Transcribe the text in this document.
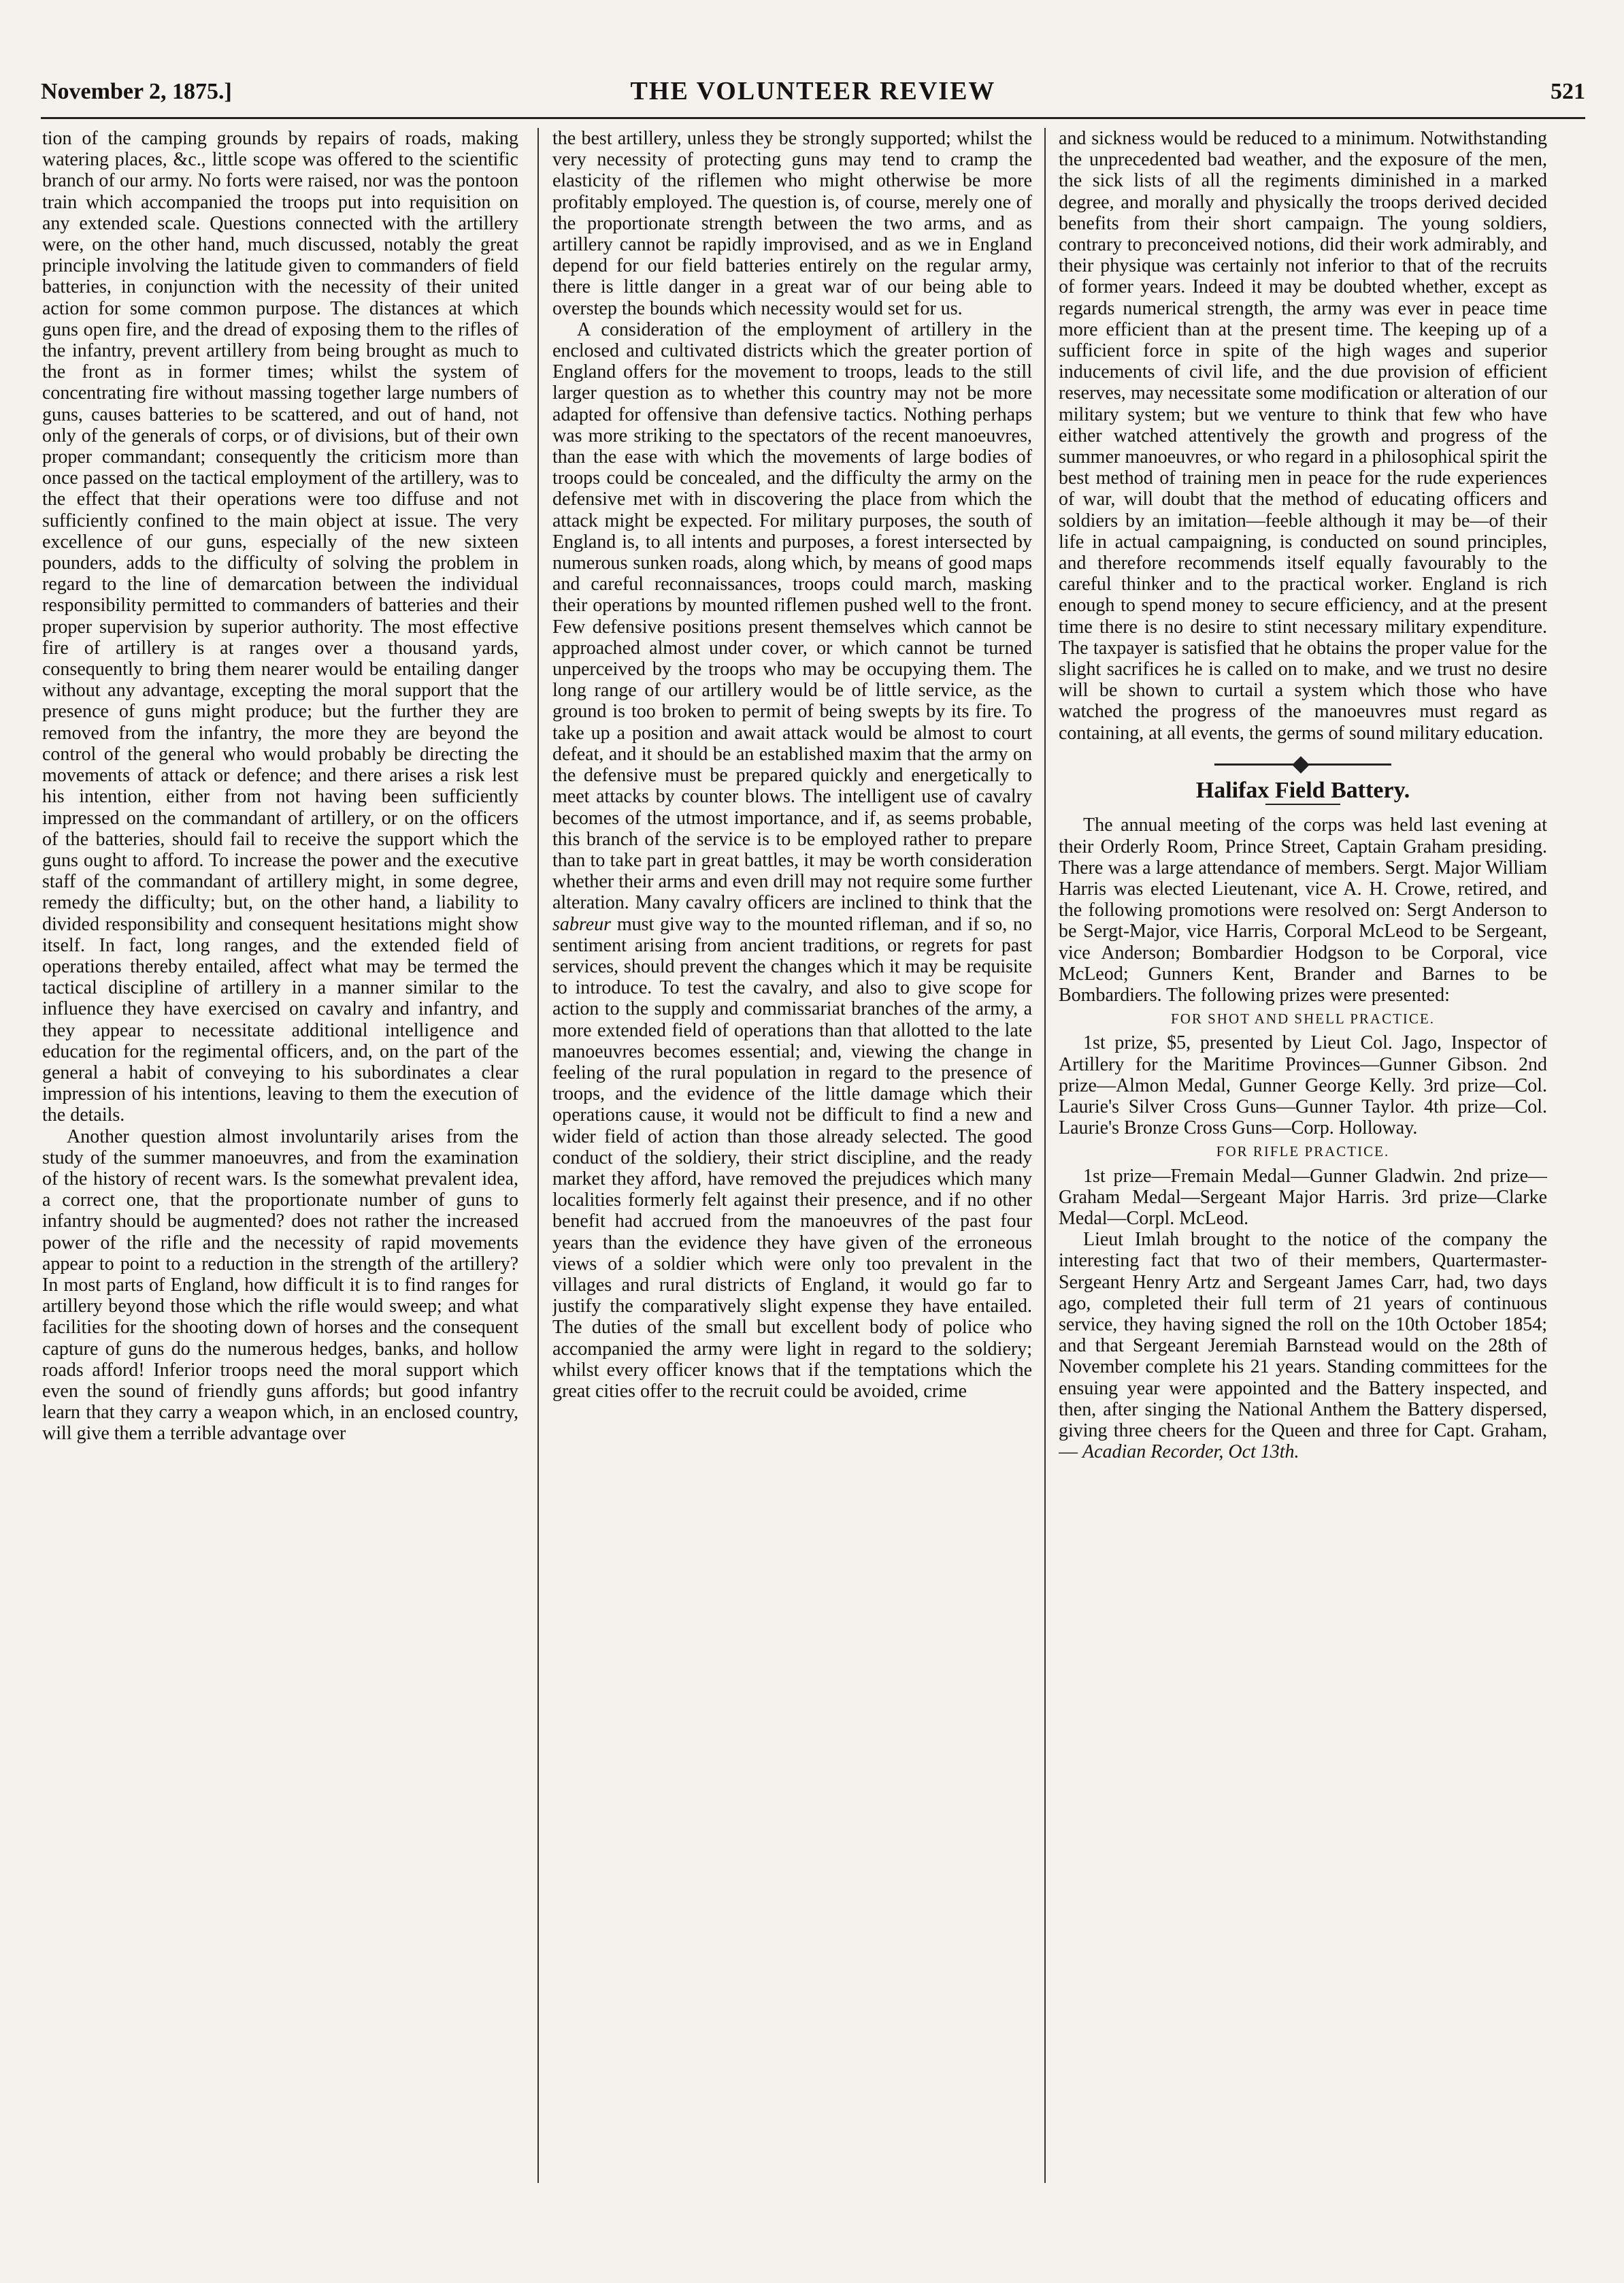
November 2, 1875.]	THE VOLUNTEER REVIEW	521

tion of the camping grounds by repairs of roads, making watering places, &c., little scope was offered to the scientific branch of our army. No forts were raised, nor was the pontoon train which accompanied the troops put into requisition on any extended scale. Questions connected with the artillery were, on the other hand, much discussed, notably the great principle involving the latitude given to commanders of field batteries, in conjunction with the necessity of their united action for some common purpose. The distances at which guns open fire, and the dread of exposing them to the rifles of the infantry, prevent artillery from being brought as much to the front as in former times; whilst the system of concentrating fire without massing together large numbers of guns, causes batteries to be scattered, and out of hand, not only of the generals of corps, or of divisions, but of their own proper commandant; consequently the criticism more than once passed on the tactical employment of the artillery, was to the effect that their operations were too diffuse and not sufficiently confined to the main object at issue. The very excellence of our guns, especially of the new sixteen pounders, adds to the difficulty of solving the problem in regard to the line of demarcation between the individual responsibility permitted to commanders of batteries and their proper supervision by superior authority. The most effective fire of artillery is at ranges over a thousand yards, consequently to bring them nearer would be entailing danger without any advantage, excepting the moral support that the presence of guns might produce; but the further they are removed from the infantry, the more they are beyond the control of the general who would probably be directing the movements of attack or defence; and there arises a risk lest his intention, either from not having been sufficiently impressed on the commandant of artillery, or on the officers of the batteries, should fail to receive the support which the guns ought to afford. To increase the power and the executive staff of the commandant of artillery might, in some degree, remedy the difficulty; but, on the other hand, a liability to divided responsibility and consequent hesitations might show itself. In fact, long ranges, and the extended field of operations thereby entailed, affect what may be termed the tactical discipline of artillery in a manner similar to the influence they have exercised on cavalry and infantry, and they appear to necessitate additional intelligence and education for the regimental officers, and, on the part of the general a habit of conveying to his subordinates a clear impression of his intentions, leaving to them the execution of the details.

Another question almost involuntarily arises from the study of the summer manoeuvres, and from the examination of the history of recent wars. Is the somewhat prevalent idea, a correct one, that the proportionate number of guns to infantry should be augmented? does not rather the increased power of the rifle and the necessity of rapid movements appear to point to a reduction in the strength of the artillery? In most parts of England, how difficult it is to find ranges for artillery beyond those which the rifle would sweep; and what facilities for the shooting down of horses and the consequent capture of guns do the numerous hedges, banks, and hollow roads afford! Inferior troops need the moral support which even the sound of friendly guns affords; but good infantry learn that they carry a weapon which, in an enclosed country, will give them a terrible advantage over

the best artillery, unless they be strongly supported; whilst the very necessity of protecting guns may tend to cramp the elasticity of the riflemen who might otherwise be more profitably employed. The question is, of course, merely one of the proportionate strength between the two arms, and as artillery cannot be rapidly improvised, and as we in England depend for our field batteries entirely on the regular army, there is little danger in a great war of our being able to overstep the bounds which necessity would set for us.

A consideration of the employment of artillery in the enclosed and cultivated districts which the greater portion of England offers for the movement to troops, leads to the still larger question as to whether this country may not be more adapted for offensive than defensive tactics. Nothing perhaps was more striking to the spectators of the recent manoeuvres, than the ease with which the movements of large bodies of troops could be concealed, and the difficulty the army on the defensive met with in discovering the place from which the attack might be expected. For military purposes, the south of England is, to all intents and purposes, a forest intersected by numerous sunken roads, along which, by means of good maps and careful reconnaissances, troops could march, masking their operations by mounted riflemen pushed well to the front. Few defensive positions present themselves which cannot be approached almost under cover, or which cannot be turned unperceived by the troops who may be occupying them. The long range of our artillery would be of little service, as the ground is too broken to permit of being swepts by its fire. To take up a position and await attack would be almost to court defeat, and it should be an established maxim that the army on the defensive must be prepared quickly and energetically to meet attacks by counter blows. The intelligent use of cavalry becomes of the utmost importance, and if, as seems probable, this branch of the service is to be employed rather to prepare than to take part in great battles, it may be worth consideration whether their arms and even drill may not require some further alteration. Many cavalry officers are inclined to think that the sabreur must give way to the mounted rifleman, and if so, no sentiment arising from ancient traditions, or regrets for past services, should prevent the changes which it may be requisite to introduce. To test the cavalry, and also to give scope for action to the supply and commissariat branches of the army, a more extended field of operations than that allotted to the late manoeuvres becomes essential; and, viewing the change in feeling of the rural population in regard to the presence of troops, and the evidence of the little damage which their operations cause, it would not be difficult to find a new and wider field of action than those already selected. The good conduct of the soldiery, their strict discipline, and the ready market they afford, have removed the prejudices which many localities formerly felt against their presence, and if no other benefit had accrued from the manoeuvres of the past four years than the evidence they have given of the erroneous views of a soldier which were only too prevalent in the villages and rural districts of England, it would go far to justify the comparatively slight expense they have entailed. The duties of the small but excellent body of police who accompanied the army were light in regard to the soldiery; whilst every officer knows that if the temptations which the great cities offer to the recruit could be avoided, crime

and sickness would be reduced to a minimum. Notwithstanding the unprecedented bad weather, and the exposure of the men, the sick lists of all the regiments diminished in a marked degree, and morally and physically the troops derived decided benefits from their short campaign. The young soldiers, contrary to preconceived notions, did their work admirably, and their physique was certainly not inferior to that of the recruits of former years. Indeed it may be doubted whether, except as regards numerical strength, the army was ever in peace time more efficient than at the present time. The keeping up of a sufficient force in spite of the high wages and superior inducements of civil life, and the due provision of efficient reserves, may necessitate some modification or alteration of our military system; but we venture to think that few who have either watched attentively the growth and progress of the summer manoeuvres, or who regard in a philosophical spirit the best method of training men in peace for the rude experiences of war, will doubt that the method of educating officers and soldiers by an imitation—feeble although it may be—of their life in actual campaigning, is conducted on sound principles, and therefore recommends itself equally favourably to the careful thinker and to the practical worker. England is rich enough to spend money to secure efficiency, and at the present time there is no desire to stint necessary military expenditure. The taxpayer is satisfied that he obtains the proper value for the slight sacrifices he is called on to make, and we trust no desire will be shown to curtail a system which those who have watched the progress of the manoeuvres must regard as containing, at all events, the germs of sound military education.

Halifax Field Battery.

The annual meeting of the corps was held last evening at their Orderly Room, Prince Street, Captain Graham presiding. There was a large attendance of members. Sergt. Major William Harris was elected Lieutenant, vice A. H. Crowe, retired, and the following promotions were resolved on: Sergt Anderson to be Sergt-Major, vice Harris, Corporal McLeod to be Sergeant, vice Anderson; Bombardier Hodgson to be Corporal, vice McLeod; Gunners Kent, Brander and Barnes to be Bombardiers. The following prizes were presented:

FOR SHOT AND SHELL PRACTICE.

1st prize, $5, presented by Lieut Col. Jago, Inspector of Artillery for the Maritime Provinces—Gunner Gibson. 2nd prize—Almon Medal, Gunner George Kelly. 3rd prize—Col. Laurie's Silver Cross Guns—Gunner Taylor. 4th prize—Col. Laurie's Bronze Cross Guns—Corp. Holloway.

FOR RIFLE PRACTICE.

1st prize—Fremain Medal—Gunner Gladwin. 2nd prize—Graham Medal—Sergeant Major Harris. 3rd prize—Clarke Medal—Corpl. McLeod.

Lieut Imlah brought to the notice of the company the interesting fact that two of their members, Quartermaster-Sergeant Henry Artz and Sergeant James Carr, had, two days ago, completed their full term of 21 years of continuous service, they having signed the roll on the 10th October 1854; and that Sergeant Jeremiah Barnstead would on the 28th of November complete his 21 years. Standing committees for the ensuing year were appointed and the Battery inspected, and then, after singing the National Anthem the Battery dispersed, giving three cheers for the Queen and three for Capt. Graham,— Acadian Recorder, Oct 13th.
